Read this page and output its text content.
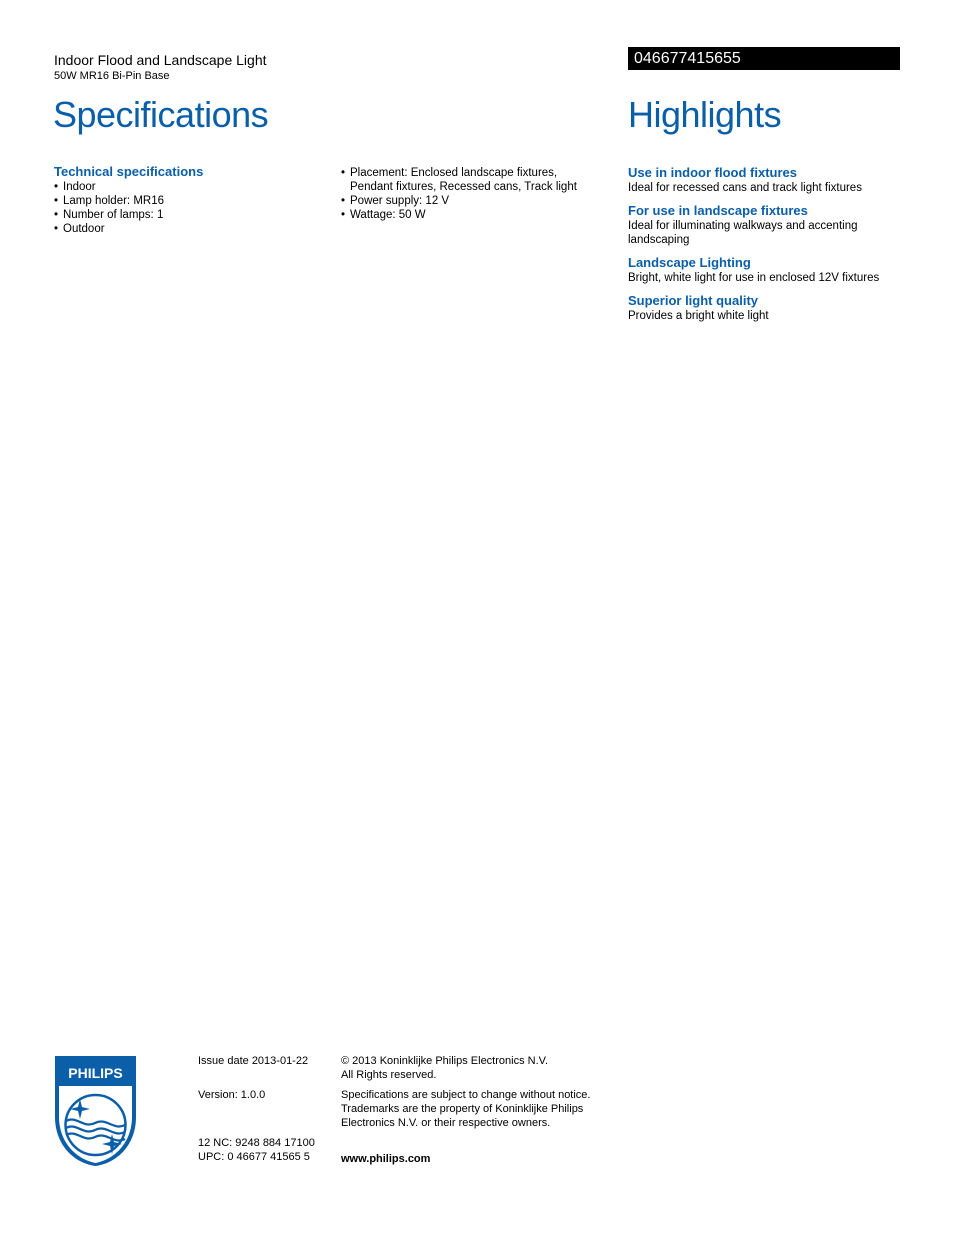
Indoor Flood and Landscape Light
50W MR16 Bi-Pin Base
Specifications
046677415655
Highlights
Technical specifications
• Indoor
• Lamp holder: MR16
• Number of lamps: 1
• Outdoor
• Placement: Enclosed landscape fixtures, Pendant fixtures, Recessed cans, Track light
• Power supply: 12 V
• Wattage: 50 W
Use in indoor flood fixtures
Ideal for recessed cans and track light fixtures
For use in landscape fixtures
Ideal for illuminating walkways and accenting landscaping
Landscape Lighting
Bright, white light for use in enclosed 12V fixtures
Superior light quality
Provides a bright white light
PHILIPS
Issue date 2013-01-22
Version: 1.0.0
12 NC: 9248 884 17100
UPC: 0 46677 41565 5
© 2013 Koninklijke Philips Electronics N.V.
All Rights reserved.
Specifications are subject to change without notice. Trademarks are the property of Koninklijke Philips Electronics N.V. or their respective owners.
www.philips.com
